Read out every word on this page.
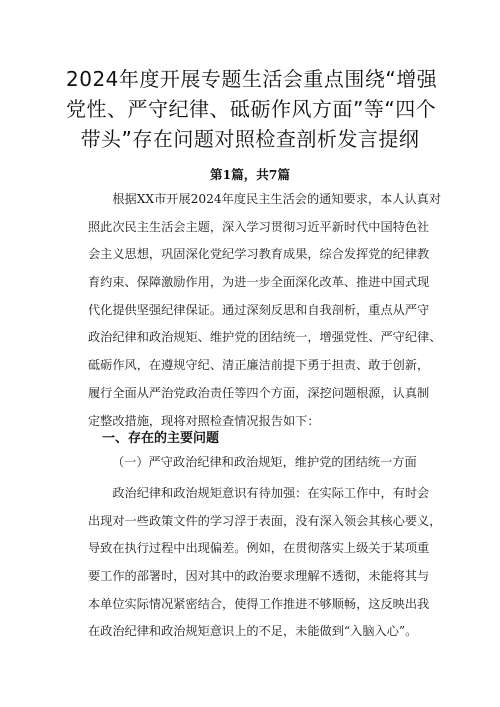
2024年度开展专题生活会重点围绕“增强
党性、严守纪律、砥砺作风方面”等“四个
带头”存在问题对照检查剖析发言提纲
第1篇，共7篇
　　根据XX市开展2024年度民主生活会的通知要求，本人认真对
照此次民主生活会主题，深入学习贯彻习近平新时代中国特色社
会主义思想，巩固深化党纪学习教育成果，综合发挥党的纪律教
育约束、保障激励作用，为进一步全面深化改革、推进中国式现
代化提供坚强纪律保证。通过深刻反思和自我剖析，重点从严守
政治纪律和政治规矩、维护党的团结统一，增强党性、严守纪律、
砥砺作风，在遵规守纪、清正廉洁前提下勇于担责、敢于创新，
履行全面从严治党政治责任等四个方面，深挖问题根源，认真制
定整改措施，现将对照检查情况报告如下：
一、存在的主要问题
（一）严守政治纪律和政治规矩，维护党的团结统一方面
　　政治纪律和政治规矩意识有待加强：在实际工作中，有时会
出现对一些政策文件的学习浮于表面，没有深入领会其核心要义，
导致在执行过程中出现偏差。例如，在贯彻落实上级关于某项重
要工作的部署时，因对其中的政治要求理解不透彻，未能将其与
本单位实际情况紧密结合，使得工作推进不够顺畅，这反映出我
在政治纪律和政治规矩意识上的不足，未能做到“入脑入心”。
